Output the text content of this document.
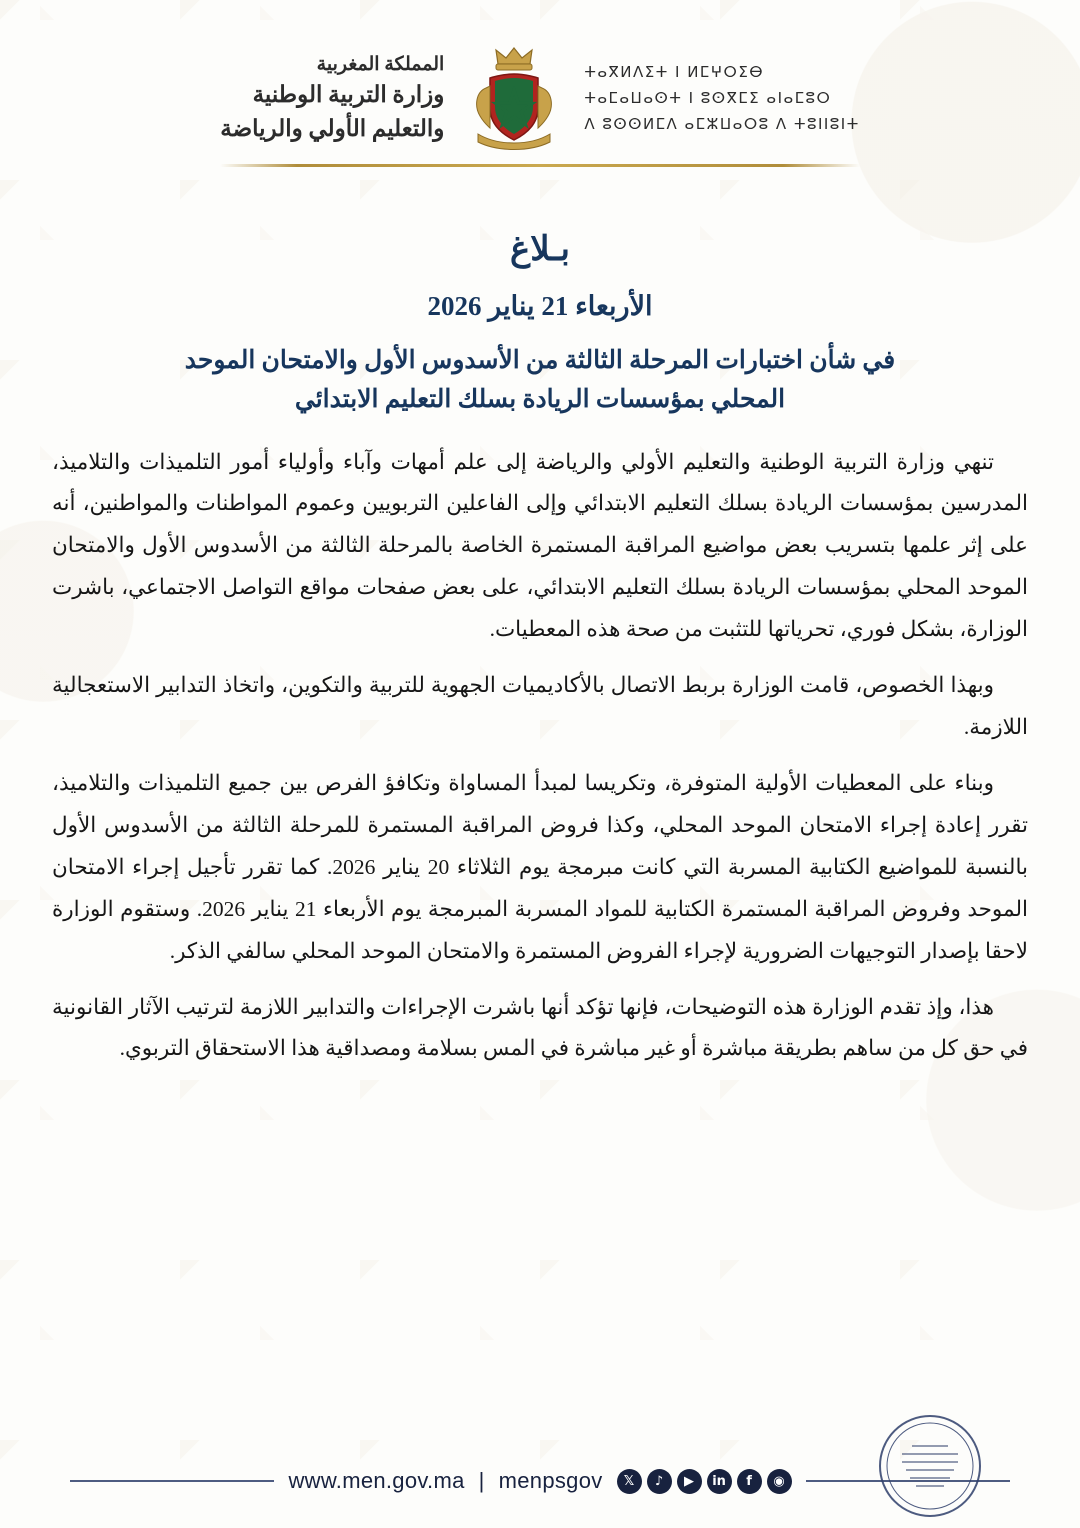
المملكة المغربية
وزارة التربية الوطنية
والتعليم الأولي والرياضة
ⵜⴰⴳⵍⴷⵉⵜ ⵏ ⵍⵎⵖⵔⵉⴱ
ⵜⴰⵎⴰⵡⴰⵙⵜ ⵏ ⵓⵙⴳⵎⵉ ⴰⵏⴰⵎⵓⵔ
ⴷ ⵓⵙⵙⵍⵎⴷ ⴰⵎⵣⵡⴰⵔⵓ ⴷ ⵜⵓⵏⵏⵓⵏⵜ
بـلاغ
الأربعاء 21 يناير 2026
في شأن اختبارات المرحلة الثالثة من الأسدوس الأول والامتحان الموحد
المحلي بمؤسسات الريادة بسلك التعليم الابتدائي

تنهي وزارة التربية الوطنية والتعليم الأولي والرياضة إلى علم أمهات وآباء وأولياء أمور التلميذات والتلاميذ، المدرسين بمؤسسات الريادة بسلك التعليم الابتدائي وإلى الفاعلين التربويين وعموم المواطنات والمواطنين، أنه على إثر علمها بتسريب بعض مواضيع المراقبة المستمرة الخاصة بالمرحلة الثالثة من الأسدوس الأول والامتحان الموحد المحلي بمؤسسات الريادة بسلك التعليم الابتدائي، على بعض صفحات مواقع التواصل الاجتماعي، باشرت الوزارة، بشكل فوري، تحرياتها للتثبت من صحة هذه المعطيات.

وبهذا الخصوص، قامت الوزارة بربط الاتصال بالأكاديميات الجهوية للتربية والتكوين، واتخاذ التدابير الاستعجالية اللازمة.

وبناء على المعطيات الأولية المتوفرة، وتكريسا لمبدأ المساواة وتكافؤ الفرص بين جميع التلميذات والتلاميذ، تقرر إعادة إجراء الامتحان الموحد المحلي، وكذا فروض المراقبة المستمرة للمرحلة الثالثة من الأسدوس الأول بالنسبة للمواضيع الكتابية المسربة التي كانت مبرمجة يوم الثلاثاء 20 يناير 2026. كما تقرر تأجيل إجراء الامتحان الموحد وفروض المراقبة المستمرة الكتابية للمواد المسربة المبرمجة يوم الأربعاء 21 يناير 2026. وستقوم الوزارة لاحقا بإصدار التوجيهات الضرورية لإجراء الفروض المستمرة والامتحان الموحد المحلي سالفي الذكر.

هذا، وإذ تقدم الوزارة هذه التوضيحات، فإنها تؤكد أنها باشرت الإجراءات والتدابير اللازمة لترتيب الآثار القانونية في حق كل من ساهم بطريقة مباشرة أو غير مباشرة في المس بسلامة ومصداقية هذا الاستحقاق التربوي.

𝕏	♪	▶	in	f	◉
menpsgov
|
www.men.gov.ma
